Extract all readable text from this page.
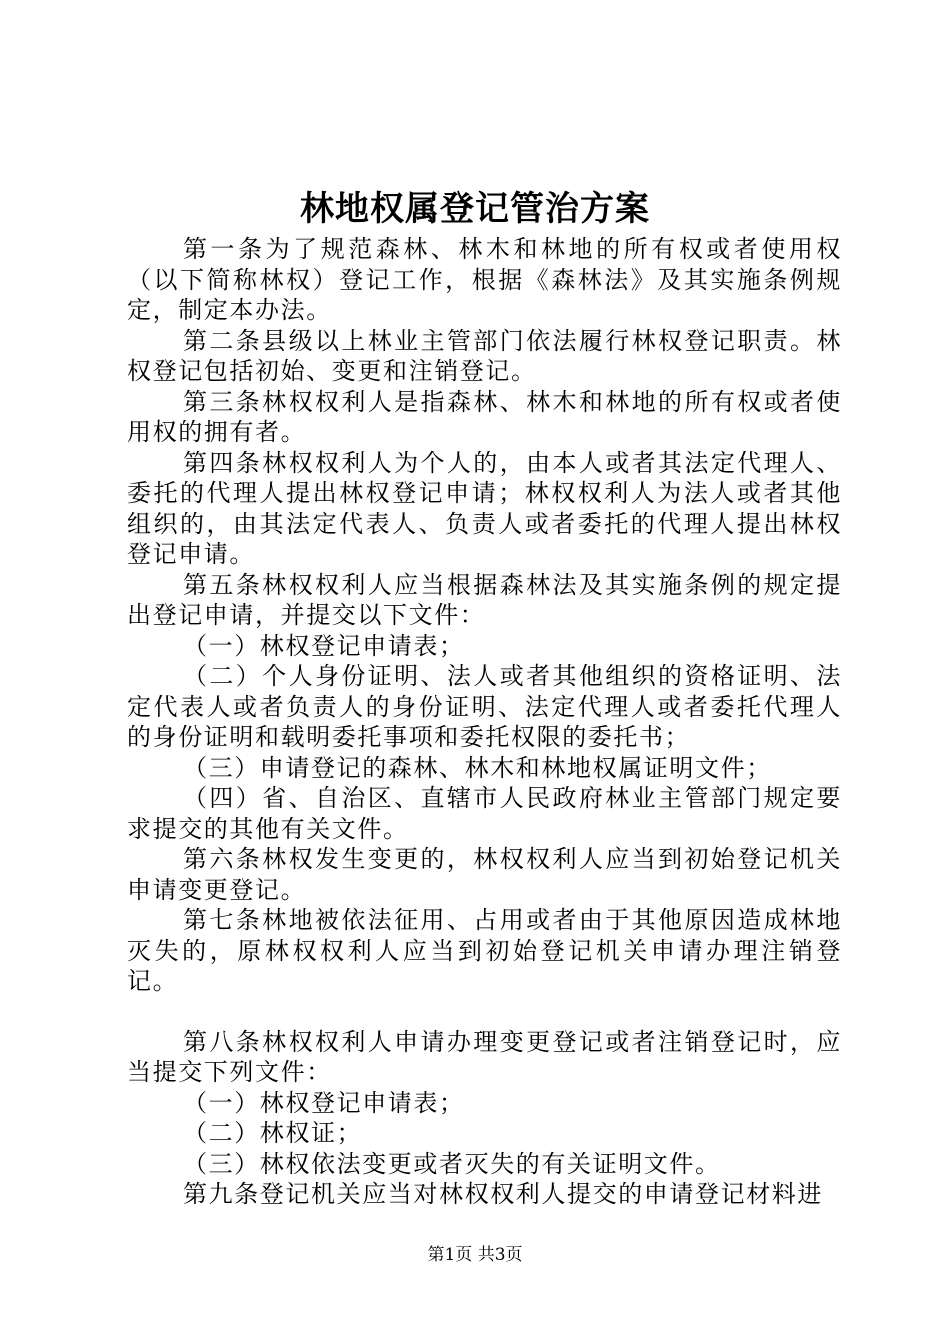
林地权属登记管治方案

第一条为了规范森林、林木和林地的所有权或者使用权（以下简称林权）登记工作，根据《森林法》及其实施条例规定，制定本办法。

第二条县级以上林业主管部门依法履行林权登记职责。林权登记包括初始、变更和注销登记。

第三条林权权利人是指森林、林木和林地的所有权或者使用权的拥有者。

第四条林权权利人为个人的，由本人或者其法定代理人、委托的代理人提出林权登记申请；林权权利人为法人或者其他组织的，由其法定代表人、负责人或者委托的代理人提出林权登记申请。

第五条林权权利人应当根据森林法及其实施条例的规定提出登记申请，并提交以下文件：

（一）林权登记申请表；

（二）个人身份证明、法人或者其他组织的资格证明、法定代表人或者负责人的身份证明、法定代理人或者委托代理人的身份证明和载明委托事项和委托权限的委托书；

（三）申请登记的森林、林木和林地权属证明文件；

（四）省、自治区、直辖市人民政府林业主管部门规定要求提交的其他有关文件。

第六条林权发生变更的，林权权利人应当到初始登记机关申请变更登记。

第七条林地被依法征用、占用或者由于其他原因造成林地灭失的，原林权权利人应当到初始登记机关申请办理注销登记。

第八条林权权利人申请办理变更登记或者注销登记时，应当提交下列文件：

（一）林权登记申请表；

（二）林权证；

（三）林权依法变更或者灭失的有关证明文件。

第九条登记机关应当对林权权利人提交的申请登记材料进

第1页 共3页
